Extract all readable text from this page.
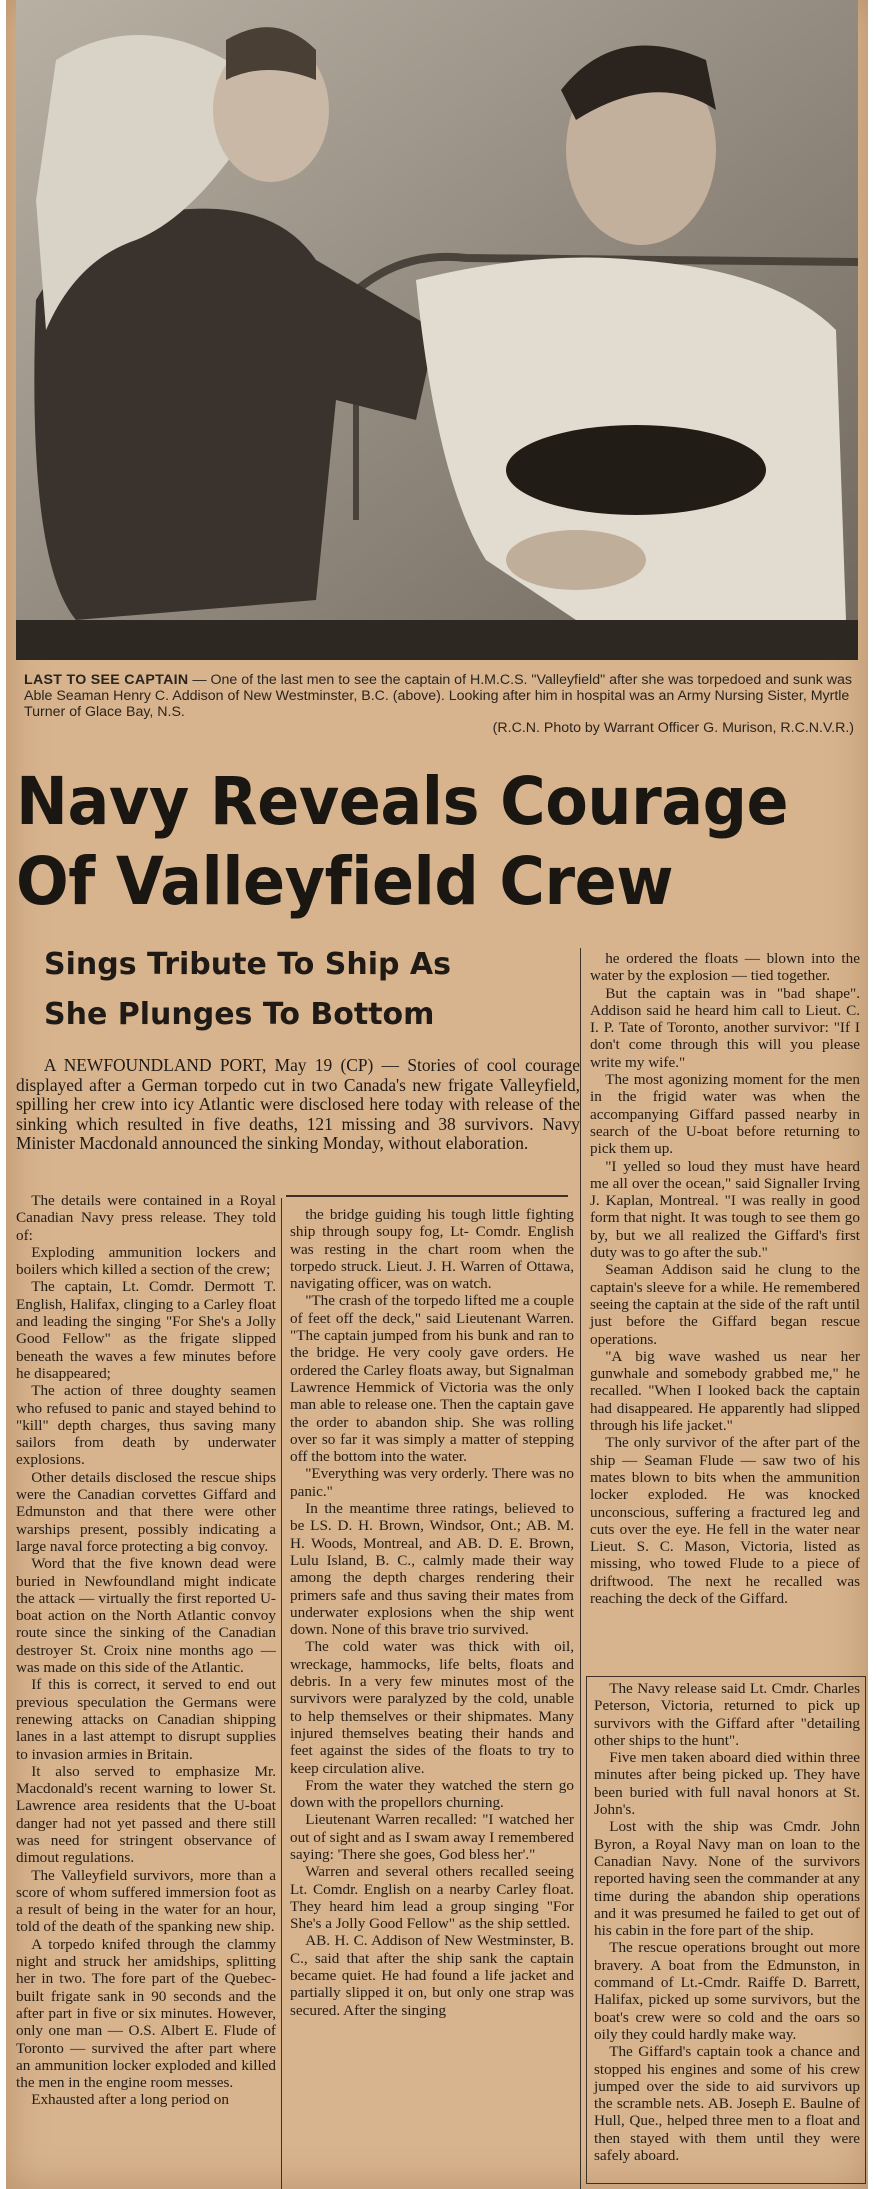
LAST TO SEE CAPTAIN — One of the last men to see the captain of H.M.C.S. "Valleyfield" after she was torpedoed and sunk was Able Seaman Henry C. Addison of New Westminster, B.C. (above). Looking after him in hospital was an Army Nursing Sister, Myrtle Turner of Glace Bay, N.S.
(R.C.N. Photo by Warrant Officer G. Murison, R.C.N.V.R.)
Navy Reveals Courage
Of Valleyfield Crew
Sings Tribute To Ship As
She Plunges To Bottom

A NEWFOUNDLAND PORT, May 19 (CP) — Stories of cool courage displayed after a German torpedo cut in two Canada's new frigate Valleyfield, spilling her crew into icy Atlantic were disclosed here today with release of the sinking which resulted in five deaths, 121 missing and 38 survivors. Navy Minister Macdonald announced the sinking Monday, without elaboration.

The details were contained in a Royal Canadian Navy press release. They told of:

Exploding ammunition lockers and boilers which killed a section of the crew;

The captain, Lt. Comdr. Dermott T. English, Halifax, clinging to a Carley float and leading the singing "For She's a Jolly Good Fellow" as the frigate slipped beneath the waves a few minutes before he disappeared;

The action of three doughty seamen who refused to panic and stayed behind to "kill" depth charges, thus saving many sailors from death by underwater explosions.

Other details disclosed the rescue ships were the Canadian corvettes Giffard and Edmunston and that there were other warships present, possibly indicating a large naval force protecting a big convoy.

Word that the five known dead were buried in Newfoundland might indicate the attack — virtually the first reported U-boat action on the North Atlantic convoy route since the sinking of the Canadian destroyer St. Croix nine months ago — was made on this side of the Atlantic.

If this is correct, it served to end out previous speculation the Germans were renewing attacks on Canadian shipping lanes in a last attempt to disrupt supplies to invasion armies in Britain.

It also served to emphasize Mr. Macdonald's recent warning to lower St. Lawrence area residents that the U-boat danger had not yet passed and there still was need for stringent observance of dimout regulations.

The Valleyfield survivors, more than a score of whom suffered immersion foot as a result of being in the water for an hour, told of the death of the spanking new ship.

A torpedo knifed through the clammy night and struck her amidships, splitting her in two. The fore part of the Quebec-built frigate sank in 90 seconds and the after part in five or six minutes. However, only one man — O.S. Albert E. Flude of Toronto — survived the after part where an ammunition locker exploded and killed the men in the engine room messes.

Exhausted after a long period on

the bridge guiding his tough little fighting ship through soupy fog, Lt- Comdr. English was resting in the chart room when the torpedo struck. Lieut. J. H. Warren of Ottawa, navigating officer, was on watch.

"The crash of the torpedo lifted me a couple of feet off the deck," said Lieutenant Warren. "The captain jumped from his bunk and ran to the bridge. He very cooly gave orders. He ordered the Carley floats away, but Signalman Lawrence Hemmick of Victoria was the only man able to release one. Then the captain gave the order to abandon ship. She was rolling over so far it was simply a matter of stepping off the bottom into the water.

"Everything was very orderly. There was no panic."

In the meantime three ratings, believed to be LS. D. H. Brown, Windsor, Ont.; AB. M. H. Woods, Montreal, and AB. D. E. Brown, Lulu Island, B. C., calmly made their way among the depth charges rendering their primers safe and thus saving their mates from underwater explosions when the ship went down. None of this brave trio survived.

The cold water was thick with oil, wreckage, hammocks, life belts, floats and debris. In a very few minutes most of the survivors were paralyzed by the cold, unable to help themselves or their shipmates. Many injured themselves beating their hands and feet against the sides of the floats to try to keep circulation alive.

From the water they watched the stern go down with the propellors churning.

Lieutenant Warren recalled: "I watched her out of sight and as I swam away I remembered saying: 'There she goes, God bless her'."

Warren and several others recalled seeing Lt. Comdr. English on a nearby Carley float. They heard him lead a group singing "For She's a Jolly Good Fellow" as the ship settled.

AB. H. C. Addison of New Westminster, B. C., said that after the ship sank the captain became quiet. He had found a life jacket and partially slipped it on, but only one strap was secured. After the singing

he ordered the floats — blown into the water by the explosion — tied together.

But the captain was in "bad shape". Addison said he heard him call to Lieut. C. I. P. Tate of Toronto, another survivor: "If I don't come through this will you please write my wife."

The most agonizing moment for the men in the frigid water was when the accompanying Giffard passed nearby in search of the U-boat before returning to pick them up.

"I yelled so loud they must have heard me all over the ocean," said Signaller Irving J. Kaplan, Montreal. "I was really in good form that night. It was tough to see them go by, but we all realized the Giffard's first duty was to go after the sub."

Seaman Addison said he clung to the captain's sleeve for a while. He remembered seeing the captain at the side of the raft until just before the Giffard began rescue operations.

"A big wave washed us near her gunwhale and somebody grabbed me," he recalled. "When I looked back the captain had disappeared. He apparently had slipped through his life jacket."

The only survivor of the after part of the ship — Seaman Flude — saw two of his mates blown to bits when the ammunition locker exploded. He was knocked unconscious, suffering a fractured leg and cuts over the eye. He fell in the water near Lieut. S. C. Mason, Victoria, listed as missing, who towed Flude to a piece of driftwood. The next he recalled was reaching the deck of the Giffard.

The Navy release said Lt. Cmdr. Charles Peterson, Victoria, returned to pick up survivors with the Giffard after "detailing other ships to the hunt".

Five men taken aboard died within three minutes after being picked up. They have been buried with full naval honors at St. John's.

Lost with the ship was Cmdr. John Byron, a Royal Navy man on loan to the Canadian Navy. None of the survivors reported having seen the commander at any time during the abandon ship operations and it was presumed he failed to get out of his cabin in the fore part of the ship.

The rescue operations brought out more bravery. A boat from the Edmunston, in command of Lt.-Cmdr. Raiffe D. Barrett, Halifax, picked up some survivors, but the boat's crew were so cold and the oars so oily they could hardly make way.

The Giffard's captain took a chance and stopped his engines and some of his crew jumped over the side to aid survivors up the scramble nets. AB. Joseph E. Baulne of Hull, Que., helped three men to a float and then stayed with them until they were safely aboard.
